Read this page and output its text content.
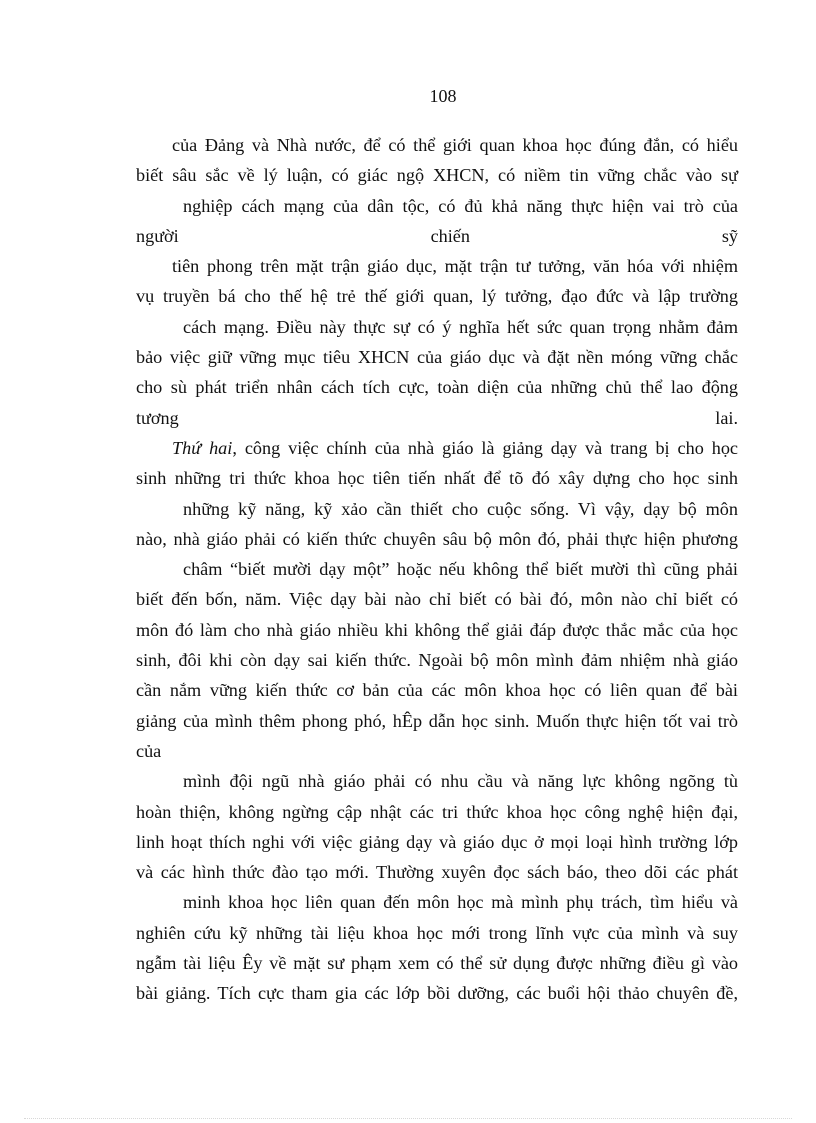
108
của Đảng và Nhà nước, để có thể giới quan khoa học đúng đắn, có hiểu
biết sâu sắc về lý luận, có giác ngộ XHCN, có niềm tin vững chắc vào sự
nghiệp cách mạng của dân tộc, có đủ khả năng thực hiện vai trò của
người chiến sỹ
tiên phong trên mặt trận giáo dục, mặt trận tư tưởng, văn hóa với nhiệm
vụ truyền bá cho thế hệ trẻ thế giới quan, lý tưởng, đạo đức và lập trường
cách mạng. Điều này thực sự có ý nghĩa hết sức quan trọng nhằm đảm
bảo việc giữ vững mục tiêu XHCN của giáo dục và đặt nền móng vững chắc
cho sù phát triển nhân cách tích cực, toàn diện của những chủ thể lao động
tương lai.
Thứ hai, công việc chính của nhà giáo là giảng dạy và trang bị cho học
sinh những tri thức khoa học tiên tiến nhất để tõ đó xây dựng cho học sinh
những kỹ năng, kỹ xảo cần thiết cho cuộc sống. Vì vậy, dạy bộ môn
nào, nhà giáo phải có kiến thức chuyên sâu bộ môn đó, phải thực hiện phương
châm “biết mười dạy một” hoặc nếu không thể biết mười thì cũng phải
biết đến bốn, năm. Việc dạy bài nào chỉ biết có bài đó, môn nào chỉ biết có
môn đó làm cho nhà giáo nhiều khi không thể giải đáp được thắc mắc của học
sinh, đôi khi còn dạy sai kiến thức. Ngoài bộ môn mình đảm nhiệm nhà giáo
cần nắm vững kiến thức cơ bản của các môn khoa học có liên quan để bài
giảng của mình thêm phong phó, hÊp dẫn học sinh. Muốn thực hiện tốt vai trò
của
mình đội ngũ nhà giáo phải có nhu cầu và năng lực không ngõng tù
hoàn thiện, không ngừng cập nhật các tri thức khoa học công nghệ hiện đại,
linh hoạt thích nghi với việc giảng dạy và giáo dục ở mọi loại hình trường lớp
và các hình thức đào tạo mới. Thường xuyên đọc sách báo, theo dõi các phát
minh khoa học liên quan đến môn học mà mình phụ trách, tìm hiểu và
nghiên cứu kỹ những tài liệu khoa học mới trong lĩnh vực của mình và suy
ngẫm tài liệu Êy về mặt sư phạm xem có thể sử dụng được những điều gì vào
bài giảng. Tích cực tham gia các lớp bồi dưỡng, các buổi hội thảo chuyên đề,
